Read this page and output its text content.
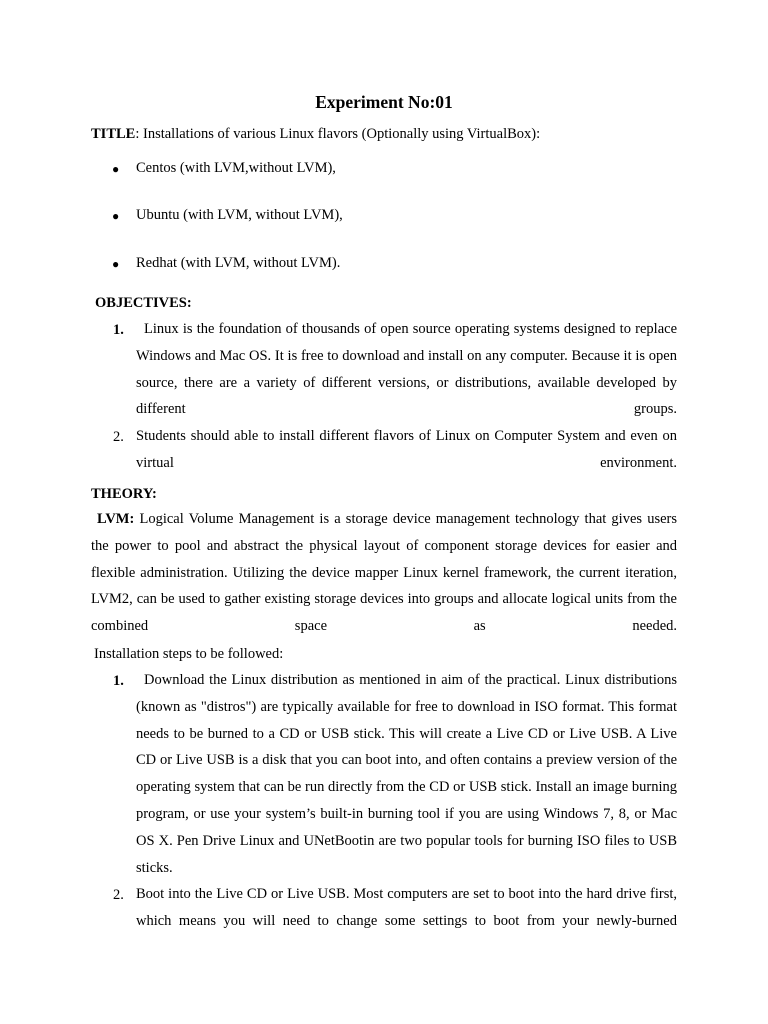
Experiment No:01
TITLE: Installations of various Linux flavors (Optionally using VirtualBox):
● Centos (with LVM,without LVM),
● Ubuntu (with LVM, without LVM),
● Redhat (with LVM, without LVM).
OBJECTIVES:
1.	Linux is the foundation of thousands of open source operating systems designed to replace Windows and Mac OS. It is free to download and install on any computer. Because it is open source, there are a variety of different versions, or distributions, available developed by different groups.
2. Students should able to install different flavors of Linux on Computer System and even on virtual environment.
THEORY:
LVM: Logical Volume Management is a storage device management technology that gives users the power to pool and abstract the physical layout of component storage devices for easier and flexible administration. Utilizing the device mapper Linux kernel framework, the current iteration, LVM2, can be used to gather existing storage devices into groups and allocate logical units from the combined space as needed.
Installation steps to be followed:
1.	Download the Linux distribution as mentioned in aim of the practical. Linux distributions (known as "distros") are typically available for free to download in ISO format. This format needs to be burned to a CD or USB stick. This will create a Live CD or Live USB. A Live CD or Live USB is a disk that you can boot into, and often contains a preview version of the operating system that can be run directly from the CD or USB stick. Install an image burning program, or use your system’s built-in burning tool if you are using Windows 7, 8, or Mac OS X. Pen Drive Linux and UNetBootin are two popular tools for burning ISO files to USB sticks.
2. Boot into the Live CD or Live USB. Most computers are set to boot into the hard drive first, which means you will need to change some settings to boot from your newly-burned
